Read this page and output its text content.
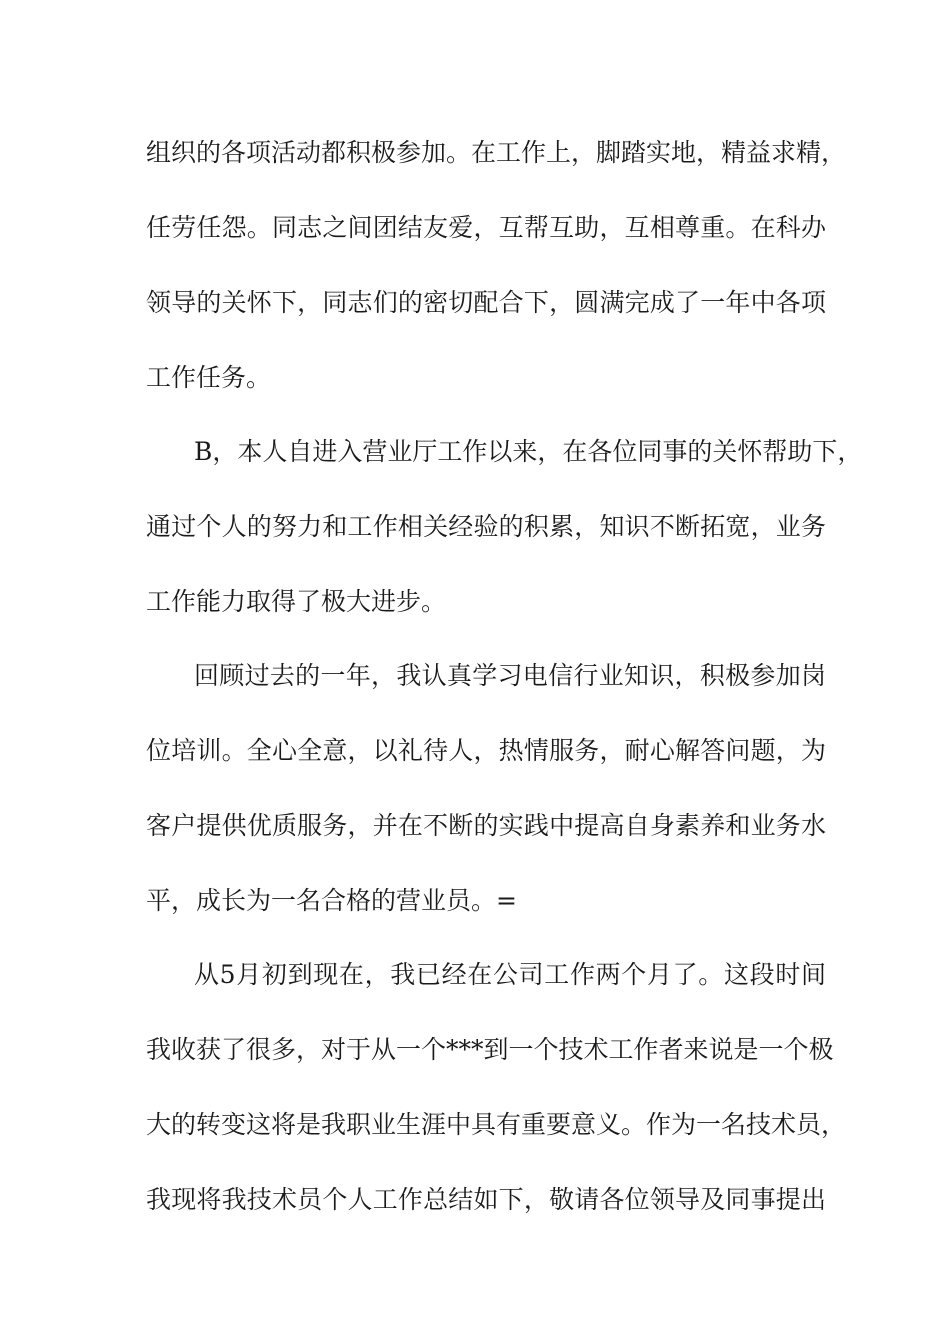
组织的各项活动都积极参加。在工作上，脚踏实地，精益求精，
任劳任怨。同志之间团结友爱，互帮互助，互相尊重。在科办
领导的关怀下，同志们的密切配合下，圆满完成了一年中各项
工作任务。
B，本人自进入营业厅工作以来，在各位同事的关怀帮助下，
通过个人的努力和工作相关经验的积累，知识不断拓宽，业务
工作能力取得了极大进步。
回顾过去的一年，我认真学习电信行业知识，积极参加岗
位培训。全心全意，以礼待人，热情服务，耐心解答问题，为
客户提供优质服务，并在不断的实践中提高自身素养和业务水
平，成长为一名合格的营业员。=
从5月初到现在，我已经在公司工作两个月了。这段时间
我收获了很多，对于从一个***到一个技术工作者来说是一个极
大的转变这将是我职业生涯中具有重要意义。作为一名技术员，
我现将我技术员个人工作总结如下，敬请各位领导及同事提出
